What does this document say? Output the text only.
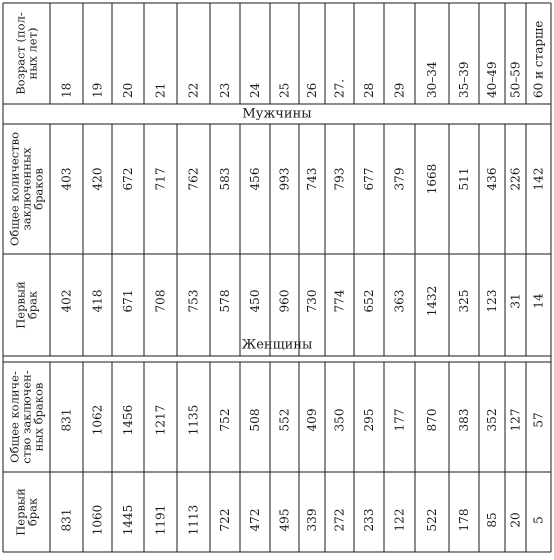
Возраст (пол-
ных лет)
Общее количество
заключенных
браков
Первый
брак
Общее количе-
ство заключен-
ных браков
Первый
брак
Мужчины
Женщины
18
403
402
831
831
19
420
418
1062
1060
20
672
671
1456
1445
21
717
708
1217
1191
22
762
753
1135
1113
23
583
578
752
722
24
456
450
508
472
25
993
960
552
495
26
743
730
409
339
27.
793
774
350
272
28
677
652
295
233
29
379
363
177
122
30–34
1668
1432
870
522
35–39
511
325
383
178
40–49
436
123
352
85
50–59
226
31
127
20
60 и старше
142
14
57
5
